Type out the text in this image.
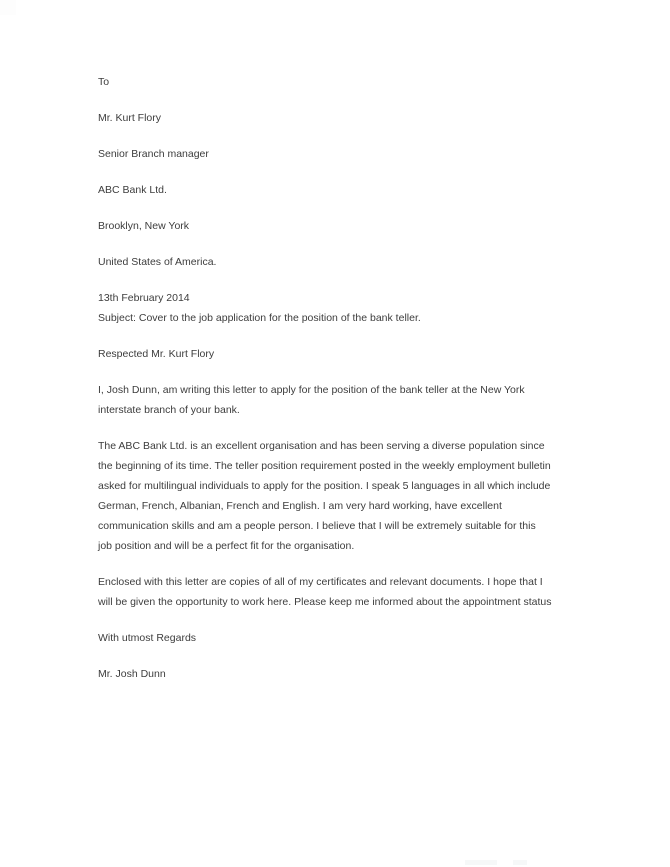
To
Mr. Kurt Flory
Senior Branch manager
ABC Bank Ltd.
Brooklyn, New York
United States of America.
13th February 2014
Subject: Cover to the job application for the position of the bank teller.
Respected Mr. Kurt Flory
I, Josh Dunn, am writing this letter to apply for the position of the bank teller at the New York
interstate branch of your bank.
The ABC Bank Ltd. is an excellent organisation and has been serving a diverse population since
the beginning of its time. The teller position requirement posted in the weekly employment bulletin
asked for multilingual individuals to apply for the position. I speak 5 languages in all which include
German, French, Albanian, French and English. I am very hard working, have excellent
communication skills and am a people person. I believe that I will be extremely suitable for this
job position and will be a perfect fit for the organisation.
Enclosed with this letter are copies of all of my certificates and relevant documents. I hope that I
will be given the opportunity to work here. Please keep me informed about the appointment status
With utmost Regards
Mr. Josh Dunn
